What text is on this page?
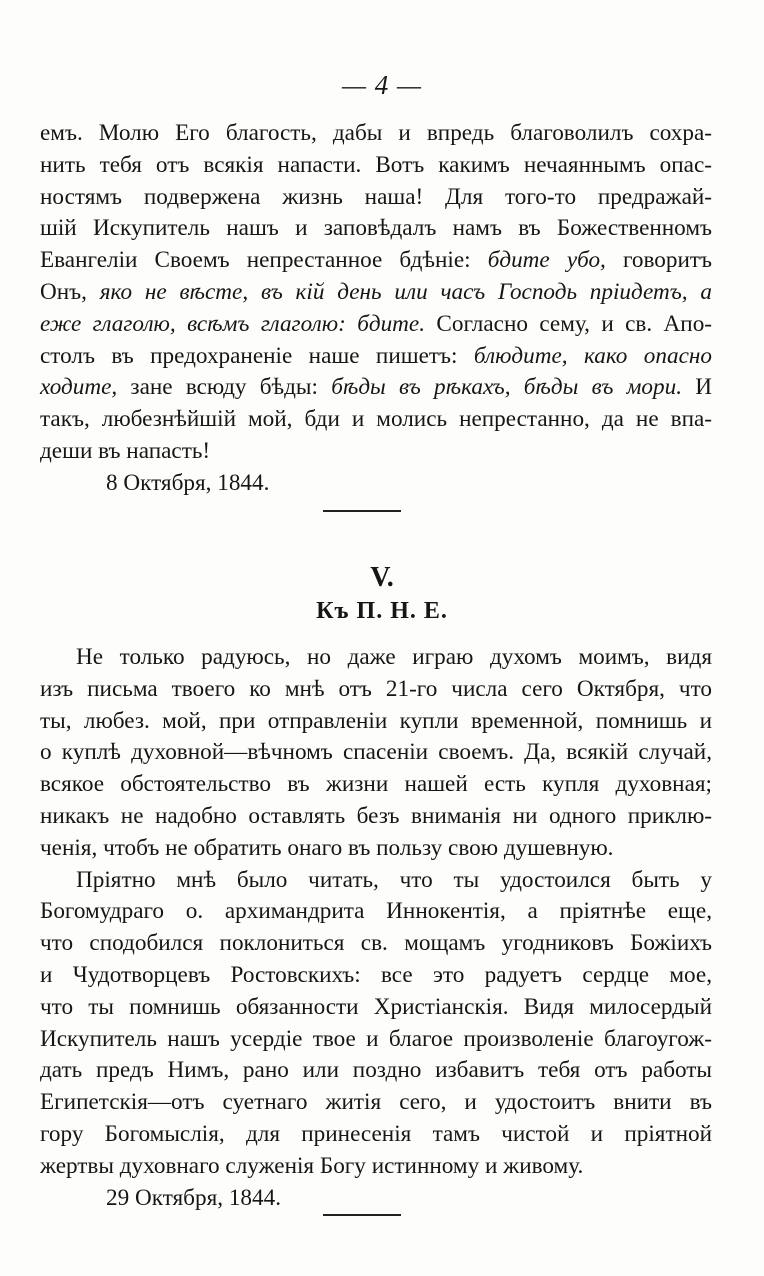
— 4 —

емъ. Молю Его благость, дабы и впредь благоволилъ сохра-

нить тебя отъ всякія напасти. Вотъ какимъ нечаяннымъ опас-

ностямъ подвержена жизнь наша! Для того-то предражай-

шій Искупитель нашъ и заповѣдалъ намъ въ Божественномъ

Евангеліи Своемъ непрестанное бдѣніе: бдите убо, говоритъ

Онъ, яко не вѣсте, въ кій день или часъ Господь пріидетъ, а

еже глаголю, всѣмъ глаголю: бдите. Согласно сему, и св. Апо-

столъ въ предохраненіе наше пишетъ: блюдите, како опасно

ходите, зане всюду бѣды: бѣды въ рѣкахъ, бѣды въ мори. И

такъ, любезнѣйшій мой, бди и молись непрестанно, да не впа-

деши въ напасть!

8 Октября, 1844.

V.
Къ П. Н. Е.

Не только радуюсь, но даже играю духомъ моимъ, видя

изъ письма твоего ко мнѣ отъ 21-го числа сего Октября, что

ты, любез. мой, при отправленіи купли временной, помнишь и

о куплѣ духовной—вѣчномъ спасеніи своемъ. Да, всякій случай,

всякое обстоятельство въ жизни нашей есть купля духовная;

никакъ не надобно оставлять безъ вниманія ни одного приклю-

ченія, чтобъ не обратить онаго въ пользу свою душевную.

Пріятно мнѣ было читать, что ты удостоился быть у

Богомудраго о. архимандрита Иннокентія, а пріятнѣе еще,

что сподобился поклониться св. мощамъ угодниковъ Божіихъ

и Чудотворцевъ Ростовскихъ: все это радуетъ сердце мое,

что ты помнишь обязанности Христіанскія. Видя милосердый

Искупитель нашъ усердіе твое и благое произволеніе благоугож-

дать предъ Нимъ, рано или поздно избавитъ тебя отъ работы

Египетскія—отъ суетнаго житія сего, и удостоитъ внити въ

гору Богомыслія, для принесенія тамъ чистой и пріятной

жертвы духовнаго служенія Богу истинному и живому.

29 Октября, 1844.
